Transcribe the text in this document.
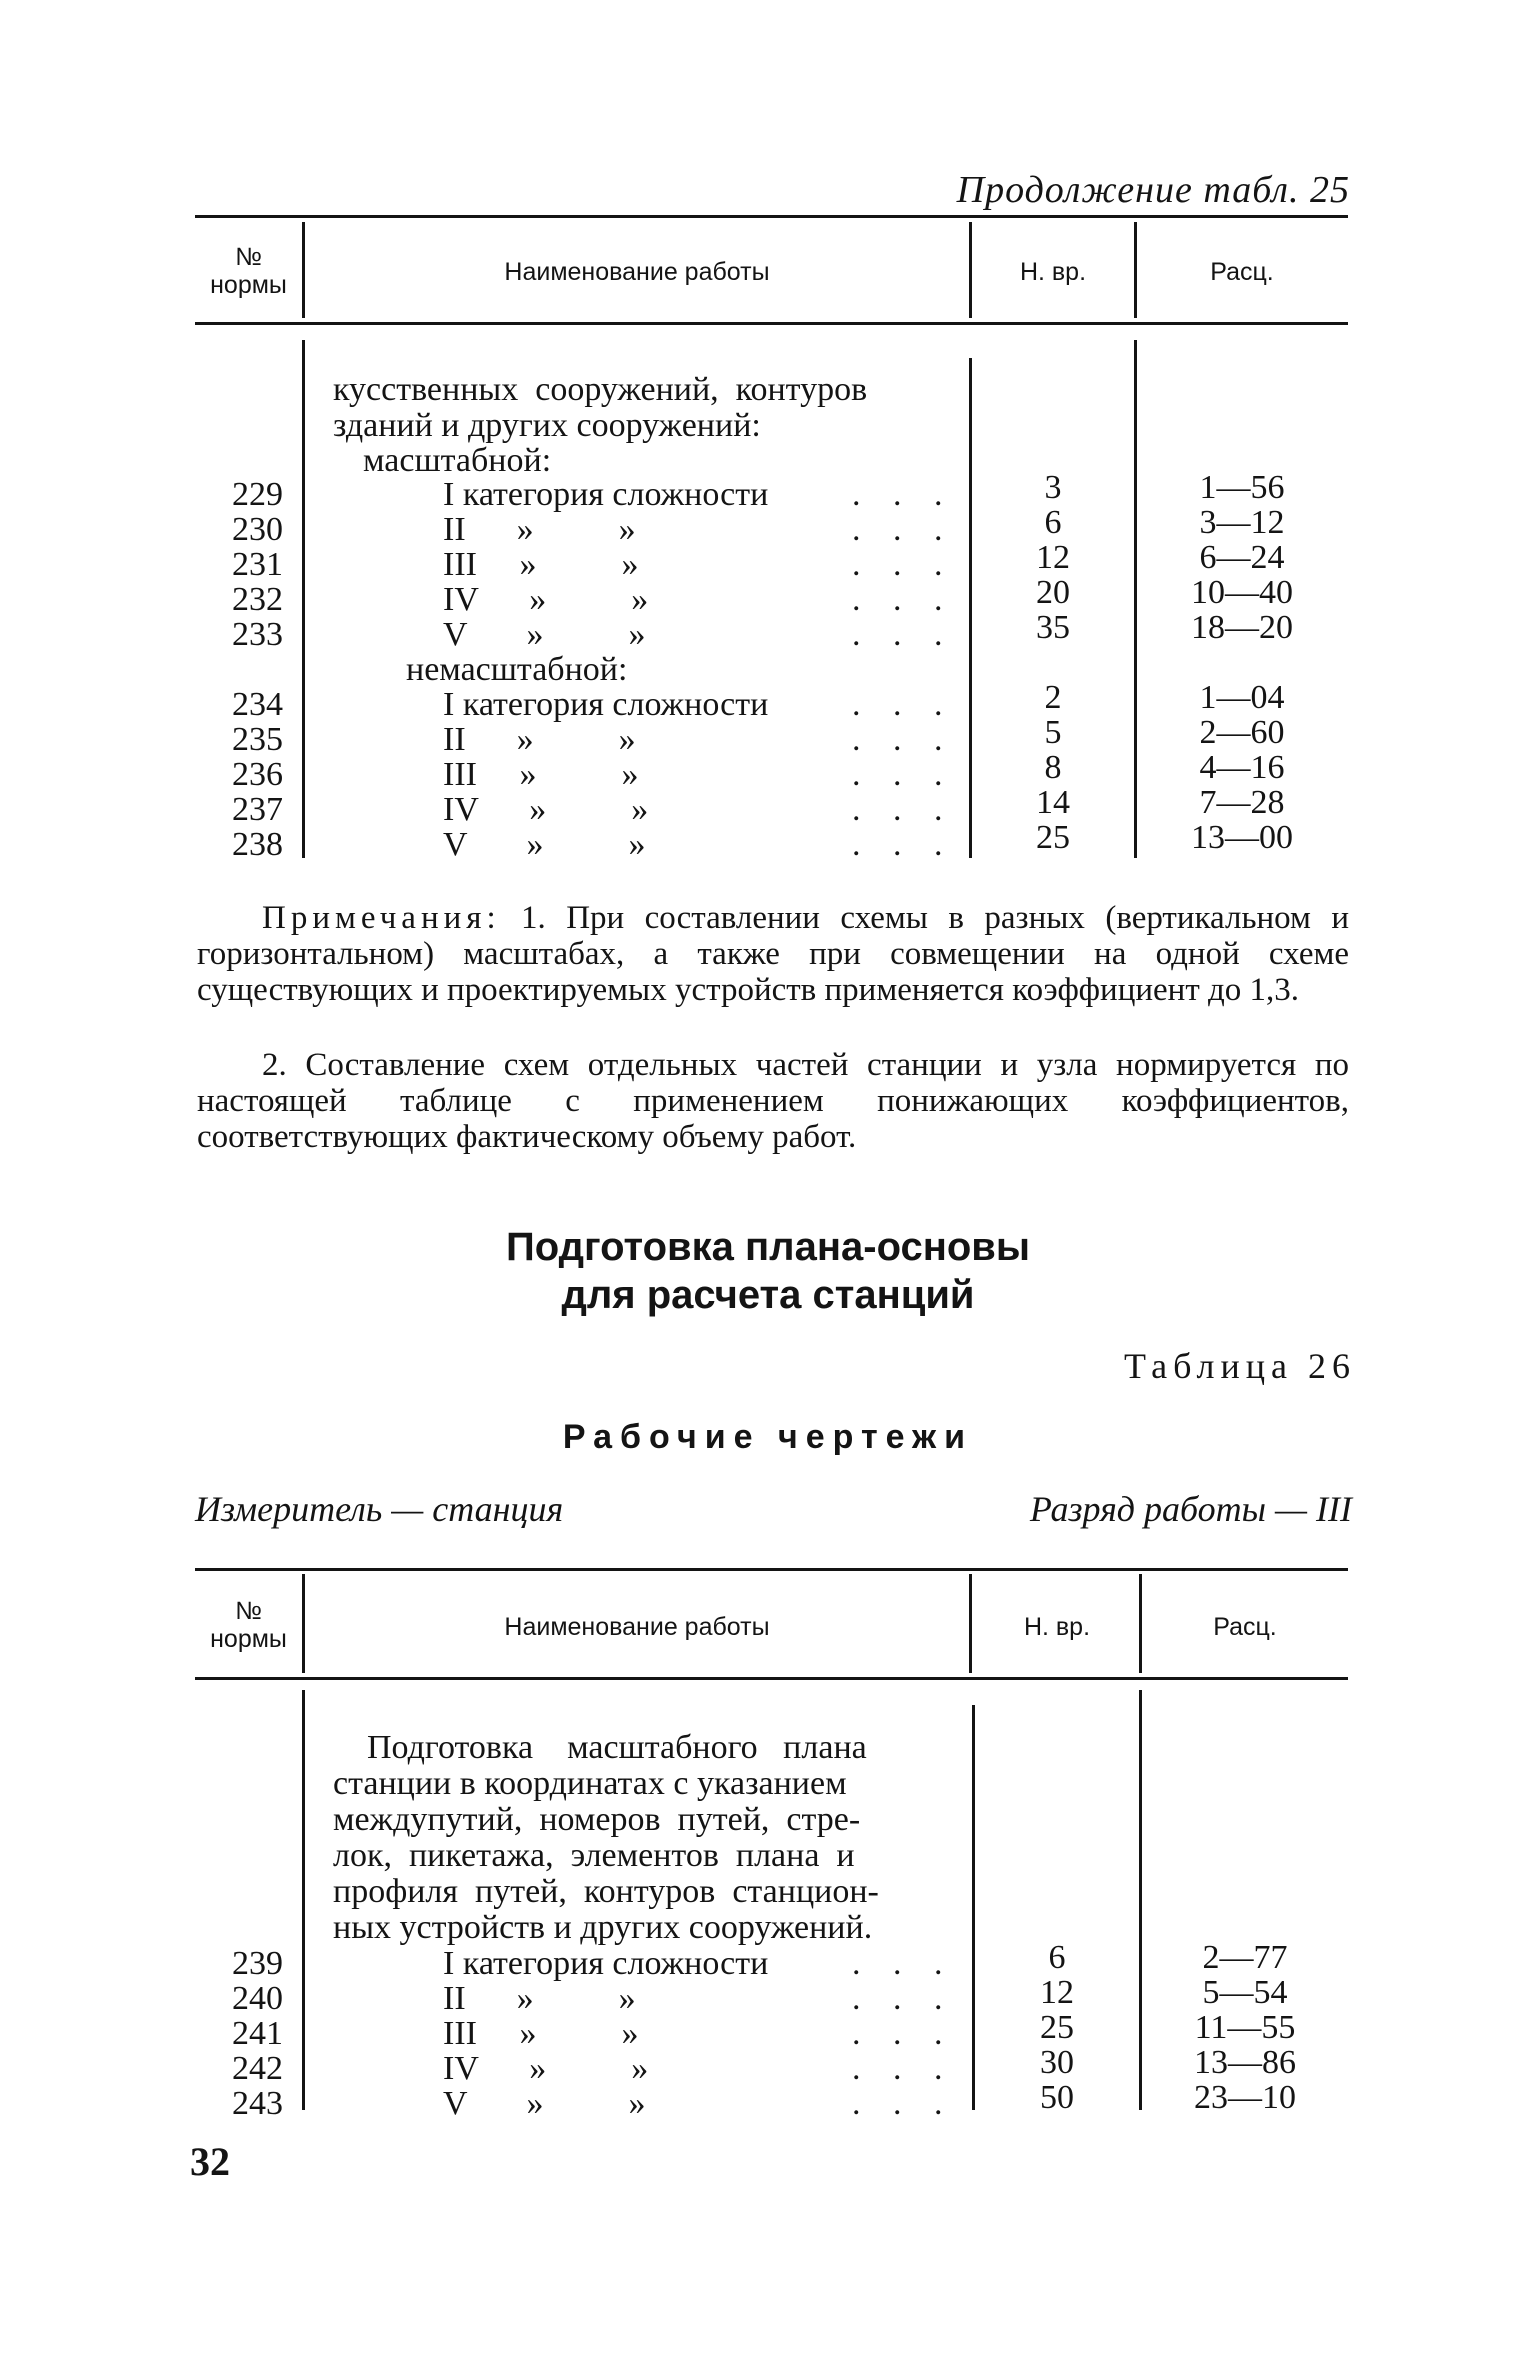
Продолжение табл. 25
№ нормы	Наименование работы	Н. вр.	Расц.
кусственных  сооружений,  контуров
зданий и других сооружений:
масштабной:
229	I категория сложности . . .	3	1—56
230	II      »          »	. . .	6	3—12
231	III     »          »	. . .	12	6—24
232	IV      »          »	. . .	20	10—40
233	V       »          »	. . .	35	18—20
немасштабной:
234	I категория сложности . . .	2	1—04
235	II      »          »	. . .	5	2—60
236	III     »          »	. . .	8	4—16
237	IV      »          »	. . .	14	7—28
238	V       »          »	. . .	25	13—00
Примечания: 1. При составлении схемы в разных (вертикальном и горизонтальном) масштабах, а также при совмещении на одной схеме существующих и проектируемых устройств применяется коэффициент до 1,3.
2. Составление схем отдельных частей станции и узла нормируется по настоящей таблице с применением понижающих коэффициентов, соответствующих фактическому объему работ.
Подготовка плана-основы
для расчета станций
Таблица 26
Рабочие чертежи
Измеритель — станция	Разряд работы — III
№ нормы	Наименование работы	Н. вр.	Расц.
Подготовка    масштабного   плана
станции в координатах с указанием
междупутий,  номеров  путей,  стре-
лок,  пикетажа,  элементов  плана  и
профиля  путей,  контуров  станцион-
ных устройств и других сооружений.
239	I категория сложности . . .	6	2—77
240	II      »          »	. . .	12	5—54
241	III     »          »	. . .	25	11—55
242	IV      »          »	. . .	30	13—86
243	V       »          »	. . .	50	23—10
32
